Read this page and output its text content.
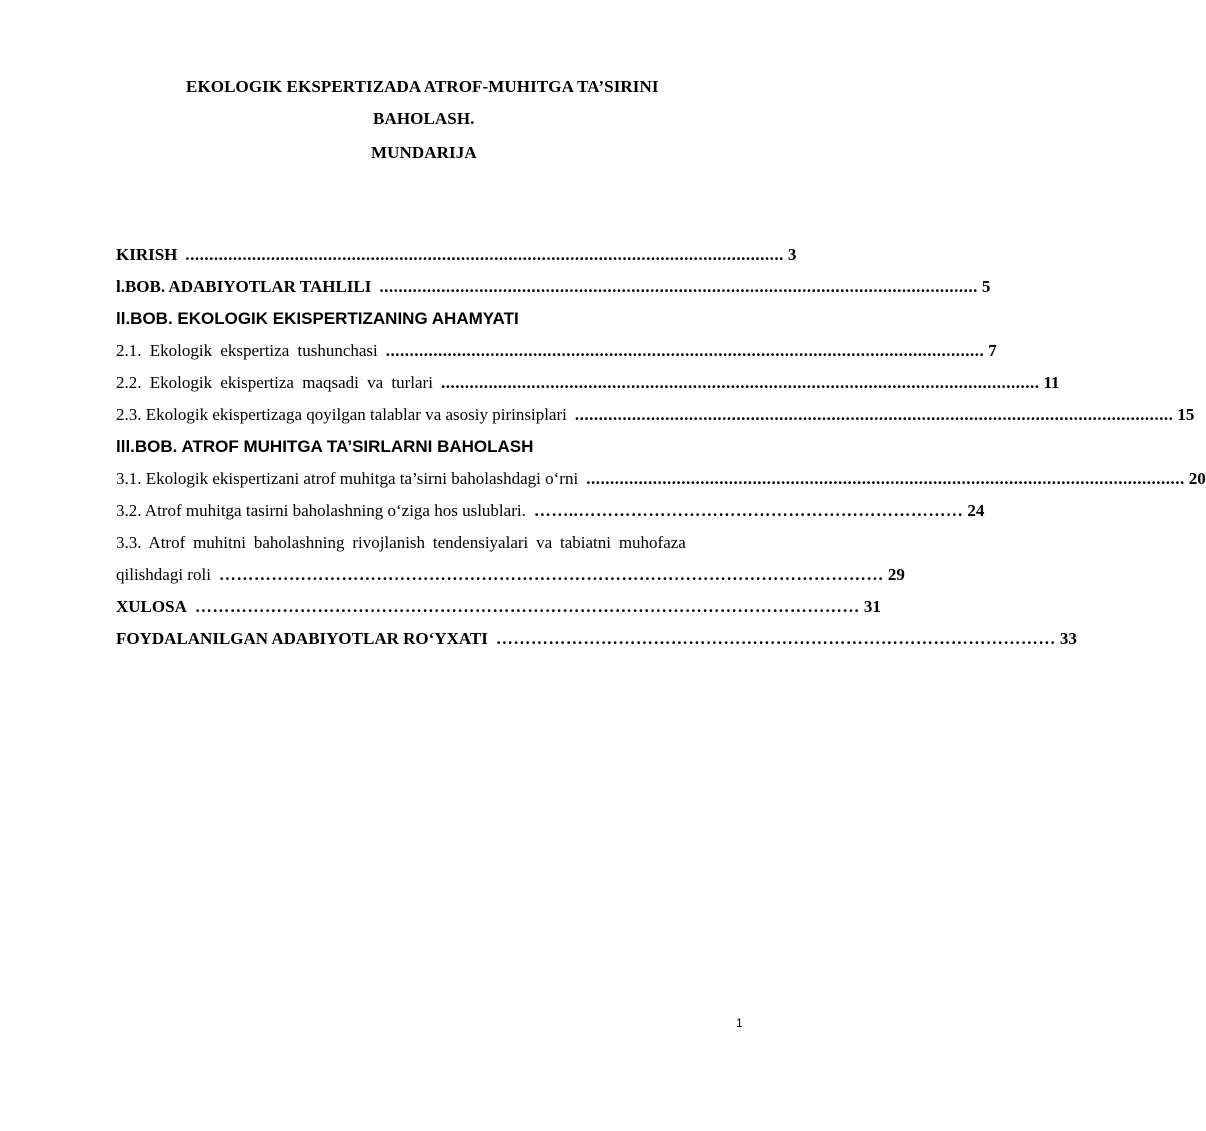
EKOLOGIK EKSPERTIZADA ATROF-MUHITGA TA’SIRINI
BAHOLASH.
MUNDARIJA
KIRISH .............................................................................................................................. 3
l.BOB. ADABIYOTLAR TAHLILI .............................................................................................................................. 5
ll.BOB. EKOLOGIK EKISPERTIZANING AHAMYATI
2.1. Ekologik ekspertiza tushunchasi .............................................................................................................................. 7
2.2. Ekologik ekispertiza maqsadi va turlari .............................................................................................................................. 11
2.3. Ekologik ekispertizaga qoyilgan talablar va asosiy pirinsiplari .............................................................................................................................. 15
lll.BOB. ATROF MUHITGA TA’SIRLARNI BAHOLASH
3.1. Ekologik ekispertizani atrof muhitga ta’sirni baholashdagi o‘rni .............................................................................................................................. 20
3.2. Atrof muhitga tasirni baholashning o‘ziga hos uslublari. ……..………………………………………………………… 24
3.3. Atrof muhitni baholashning rivojlanish tendensiyalari va tabiatni muhofaza
qilishdagi roli …………………………………………………………………………………………………… 29
XULOSA …………………………………………………………………………………………………… 31
FOYDALANILGAN ADABIYOTLAR RO‘YXATI …………………………………………………………………………………… 33
1
